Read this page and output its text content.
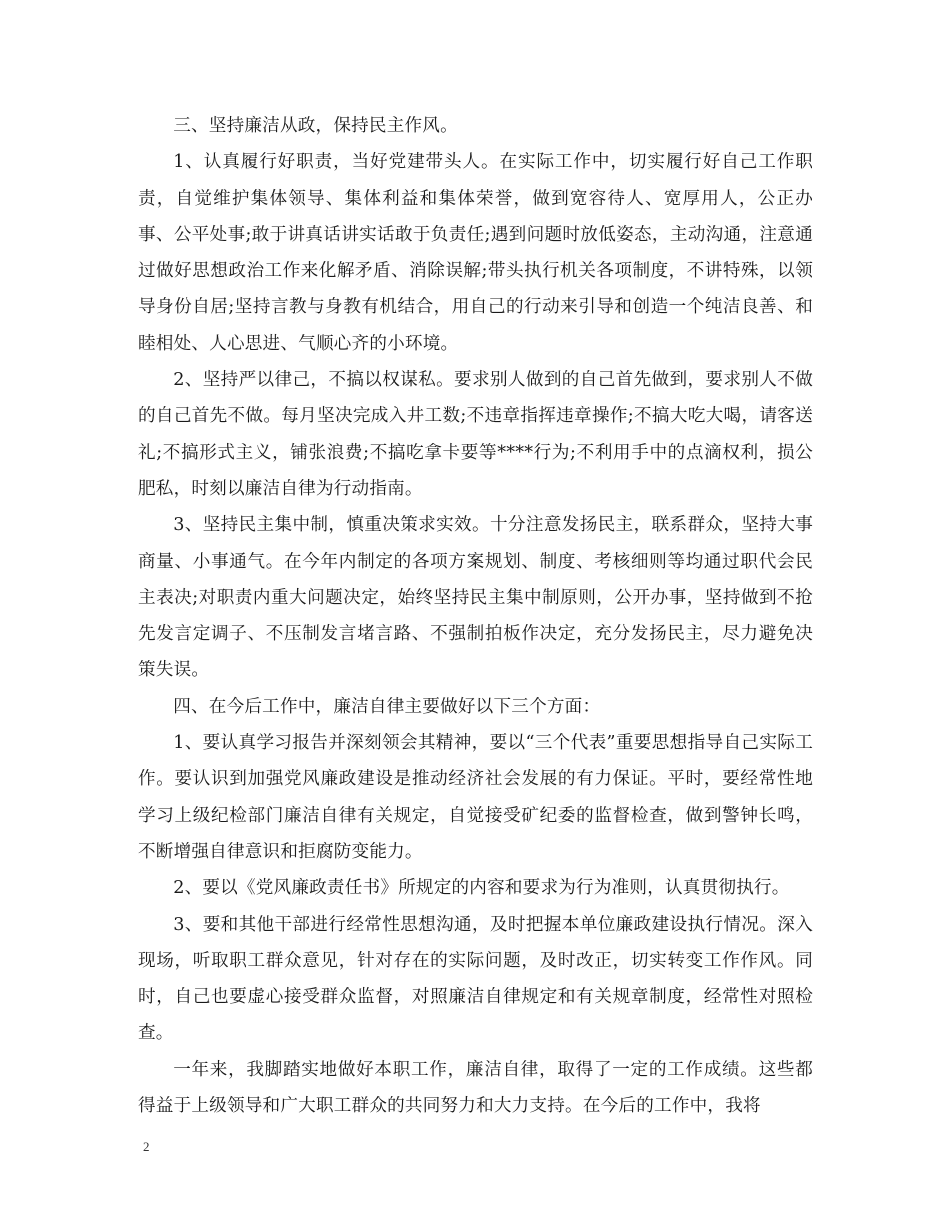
三、坚持廉洁从政，保持民主作风。

1、认真履行好职责，当好党建带头人。在实际工作中，切实履行好自己工作职责，自觉维护集体领导、集体利益和集体荣誉，做到宽容待人、宽厚用人，公正办事、公平处事;敢于讲真话讲实话敢于负责任;遇到问题时放低姿态，主动沟通，注意通过做好思想政治工作来化解矛盾、消除误解;带头执行机关各项制度，不讲特殊，以领导身份自居;坚持言教与身教有机结合，用自己的行动来引导和创造一个纯洁良善、和睦相处、人心思进、气顺心齐的小环境。

2、坚持严以律己，不搞以权谋私。要求别人做到的自己首先做到，要求别人不做的自己首先不做。每月坚决完成入井工数;不违章指挥违章操作;不搞大吃大喝，请客送礼;不搞形式主义，铺张浪费;不搞吃拿卡要等****行为;不利用手中的点滴权利，损公肥私，时刻以廉洁自律为行动指南。

3、坚持民主集中制，慎重决策求实效。十分注意发扬民主，联系群众，坚持大事商量、小事通气。在今年内制定的各项方案规划、制度、考核细则等均通过职代会民主表决;对职责内重大问题决定，始终坚持民主集中制原则，公开办事，坚持做到不抢先发言定调子、不压制发言堵言路、不强制拍板作决定，充分发扬民主，尽力避免决策失误。

四、在今后工作中，廉洁自律主要做好以下三个方面：

1、要认真学习报告并深刻领会其精神，要以“三个代表”重要思想指导自己实际工作。要认识到加强党风廉政建设是推动经济社会发展的有力保证。平时，要经常性地学习上级纪检部门廉洁自律有关规定，自觉接受矿纪委的监督检查，做到警钟长鸣，不断增强自律意识和拒腐防变能力。

2、要以《党风廉政责任书》所规定的内容和要求为行为准则，认真贯彻执行。

3、要和其他干部进行经常性思想沟通，及时把握本单位廉政建设执行情况。深入现场，听取职工群众意见，针对存在的实际问题，及时改正，切实转变工作作风。同时，自己也要虚心接受群众监督，对照廉洁自律规定和有关规章制度，经常性对照检查。

一年来，我脚踏实地做好本职工作，廉洁自律，取得了一定的工作成绩。这些都得益于上级领导和广大职工群众的共同努力和大力支持。在今后的工作中，我将

2
